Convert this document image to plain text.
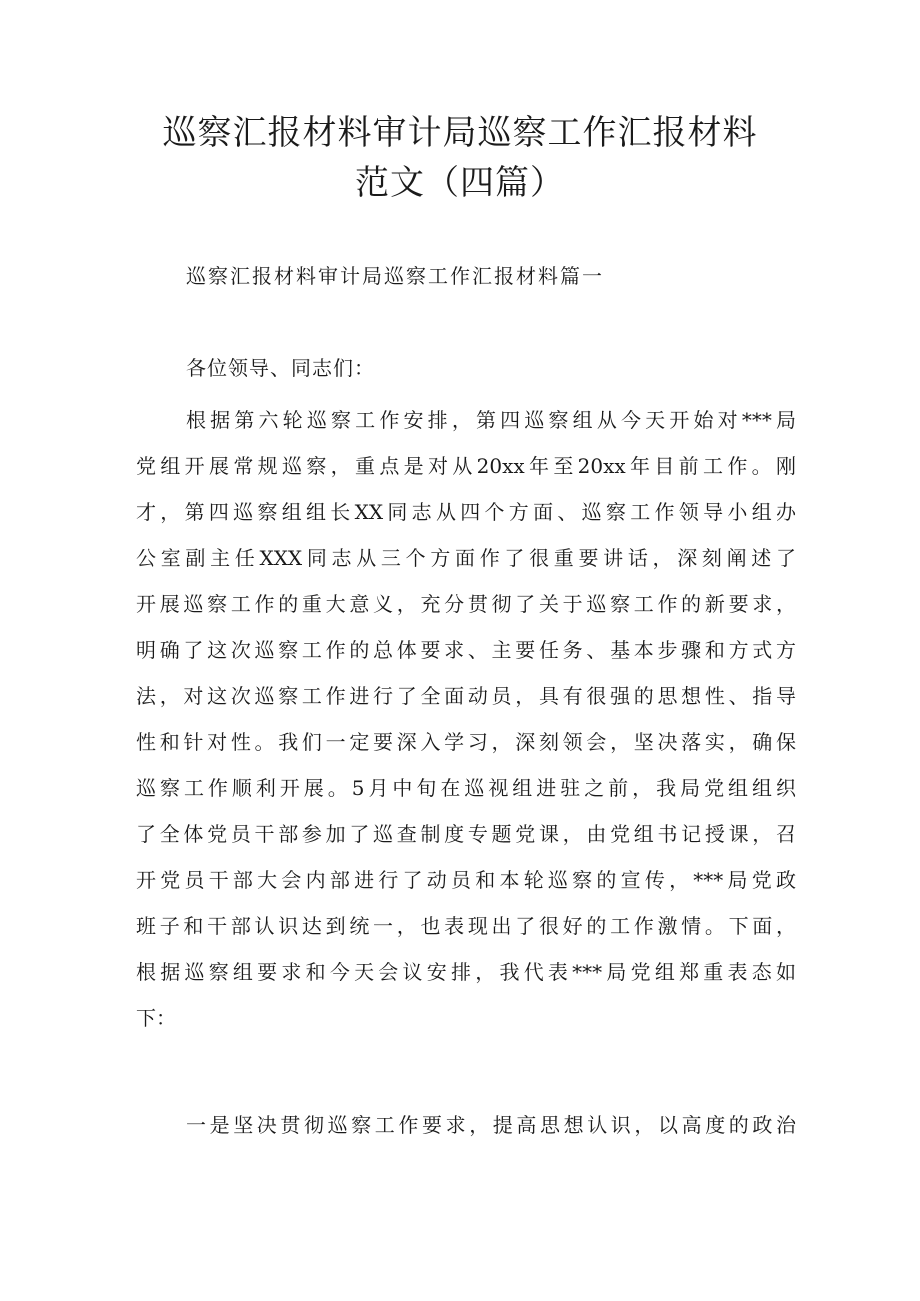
巡察汇报材料审计局巡察工作汇报材料
范文（四篇）
巡察汇报材料审计局巡察工作汇报材料篇一

各位领导、同志们：

根据第六轮巡察工作安排，第四巡察组从今天开始对***局
党组开展常规巡察，重点是对从20xx年至20xx年目前工作。刚
才，第四巡察组组长XX同志从四个方面、巡察工作领导小组办
公室副主任XXX同志从三个方面作了很重要讲话，深刻阐述了
开展巡察工作的重大意义，充分贯彻了关于巡察工作的新要求，
明确了这次巡察工作的总体要求、主要任务、基本步骤和方式方
法，对这次巡察工作进行了全面动员，具有很强的思想性、指导
性和针对性。我们一定要深入学习，深刻领会，坚决落实，确保
巡察工作顺利开展。5月中旬在巡视组进驻之前，我局党组组织
了全体党员干部参加了巡查制度专题党课，由党组书记授课，召
开党员干部大会内部进行了动员和本轮巡察的宣传，***局党政
班子和干部认识达到统一，也表现出了很好的工作激情。下面，
根据巡察组要求和今天会议安排，我代表***局党组郑重表态如
下：
一是坚决贯彻巡察工作要求，提高思想认识，以高度的政治
